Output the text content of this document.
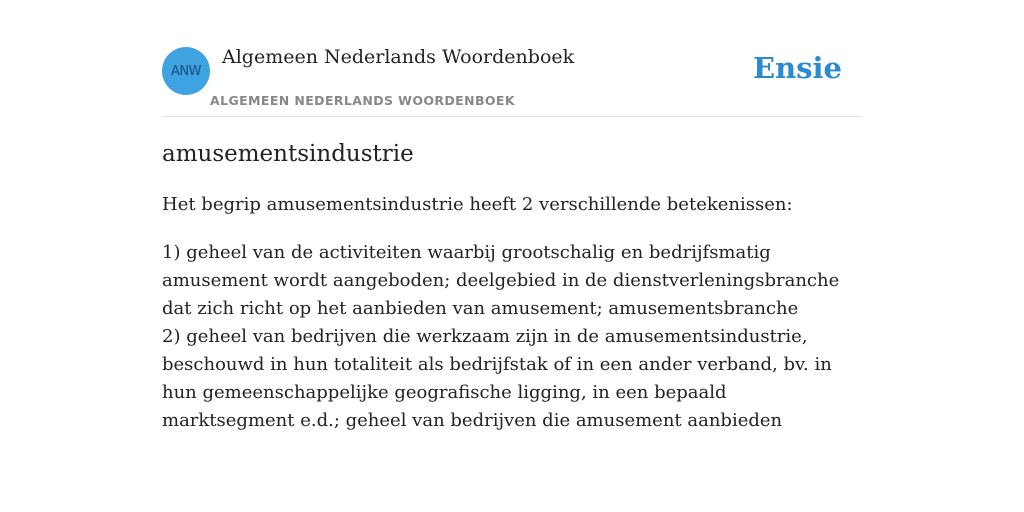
ANW
Algemeen Nederlands Woordenboek
ALGEMEEN NEDERLANDS WOORDENBOEK
Ensie
amusementsindustrie

Het begrip amusementsindustrie heeft 2 verschillende betekenissen:

1) geheel van de activiteiten waarbij grootschalig en bedrijfsmatig amusement wordt aangeboden; deelgebied in de dienstverleningsbranche dat zich richt op het aanbieden van amusement; amusementsbranche

2) geheel van bedrijven die werkzaam zijn in de amusementsindustrie, beschouwd in hun totaliteit als bedrijfstak of in een ander verband, bv. in hun gemeenschappelijke geografische ligging, in een bepaald marktsegment e.d.; geheel van bedrijven die amusement aanbieden
